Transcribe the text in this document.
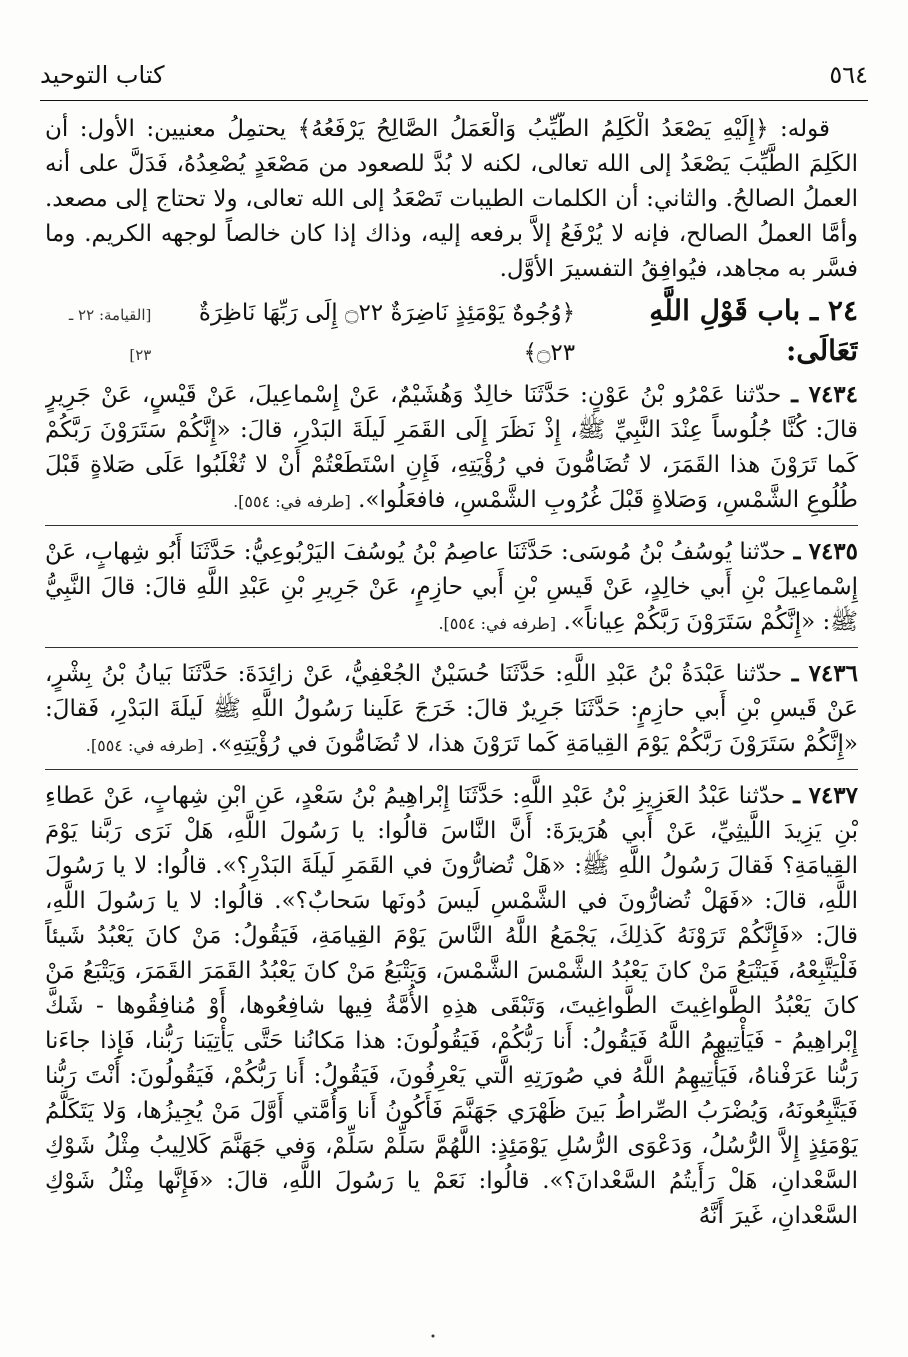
٥٦٤
كتاب التوحيد

قوله: ﴿إِلَيْهِ يَصْعَدُ الْكَلِمُ الطَّيِّبُ وَالْعَمَلُ الصَّالِحُ يَرْفَعُهُ﴾ يحتمِلُ معنيين: الأول: أن الكَلِمَ الطَّيِّبَ يَصْعَدُ إلى الله تعالى، لكنه لا بُدَّ للصعود من مَصْعَدٍ يُصْعِدُهُ، فَدَلَّ على أنه العملُ الصالحُ. والثاني: أن الكلمات الطيبات تَصْعَدُ إلى الله تعالى، ولا تحتاج إلى مصعد. وأمَّا العملُ الصالح، فإنه لا يُرْفَعُ إلاَّ برفعه إليه، وذاك إذا كان خالصاً لوجهه الكريم. وما فسَّر به مجاهد، فيُوافِقُ التفسيرَ الأوَّل.

٢٤ ـ باب قَوْلِ اللَّهِ تَعَالَى:
﴿وُجُوهٌ يَوْمَئِذٍ نَاضِرَةٌ ۝٢٢ إِلَى رَبِّهَا نَاظِرَةٌ ۝٢٣﴾
[القيامة: ٢٢ ـ ٢٣]

٧٤٣٤ ـ حدّثنا عَمْرُو بْنُ عَوْنٍ: حَدَّثَنَا خالِدٌ وَهُشَيْمٌ، عَنْ إِسْماعِيلَ، عَنْ قَيْسٍ، عَنْ جَرِيرٍ قالَ: كُنَّا جُلُوساً عِنْدَ النَّبِيِّ ﷺ، إِذْ نَظَرَ إِلَى القَمَرِ لَيلَةَ البَدْرِ، قالَ: «إِنَّكُمْ سَتَرَوْنَ رَبَّكُمْ كَما تَرَوْنَ هذا القَمَرَ، لا تُضَامُّونَ في رُؤْيَتِهِ، فَإِنِ اسْتَطَعْتُمْ أَنْ لا تُغْلَبُوا عَلَى صَلاةٍ قَبْلَ طُلُوعِ الشَّمْسِ، وَصَلاةٍ قَبْلَ غُرُوبِ الشَّمْسِ، فافعَلُوا». [طرفه في: ٥٥٤].

٧٤٣٥ ـ حدّثنا يُوسُفُ بْنُ مُوسَى: حَدَّثَنَا عاصِمُ بْنُ يُوسُفَ اليَرْبُوعِيُّ: حَدَّثَنَا أَبُو شِهابٍ، عَنْ إِسْماعِيلَ بْنِ أَبي خالِدٍ، عَنْ قَيسِ بْنِ أَبي حازِمٍ، عَنْ جَرِيرِ بْنِ عَبْدِ اللَّهِ قالَ: قالَ النَّبِيُّ ﷺ: «إِنَّكُمْ سَتَرَوْنَ رَبَّكُمْ عِياناً». [طرفه في: ٥٥٤].

٧٤٣٦ ـ حدّثنا عَبْدَةُ بْنُ عَبْدِ اللَّهِ: حَدَّثَنَا حُسَيْنٌ الجُعْفِيُّ، عَنْ زائِدَةَ: حَدَّثَنَا بَيانُ بْنُ بِشْرٍ، عَنْ قَيسِ بْنِ أَبي حازِمٍ: حَدَّثَنَا جَرِيرٌ قالَ: خَرَجَ عَلَينا رَسُولُ اللَّهِ ﷺ لَيلَةَ البَدْرِ، فَقالَ: «إِنَّكُمْ سَتَرَوْنَ رَبَّكُمْ يَوْمَ القِيامَةِ كَما تَرَوْنَ هذا، لا تُضَامُّونَ في رُؤْيَتِهِ». [طرفه في: ٥٥٤].

٧٤٣٧ ـ حدّثنا عَبْدُ العَزِيزِ بْنُ عَبْدِ اللَّهِ: حَدَّثَنَا إِبْراهِيمُ بْنُ سَعْدٍ، عَنِ ابْنِ شِهابٍ، عَنْ عَطاءِ بْنِ يَزِيدَ اللَّيثِيِّ، عَنْ أَبي هُرَيرَةَ: أَنَّ النَّاسَ قالُوا: يا رَسُولَ اللَّهِ، هَلْ نَرَى رَبَّنا يَوْمَ القِيامَةِ؟ فَقالَ رَسُولُ اللَّهِ ﷺ: «هَلْ تُضارُّونَ في القَمَرِ لَيلَةَ البَدْرِ؟». قالُوا: لا يا رَسُولَ اللَّهِ، قالَ: «فَهَلْ تُضارُّونَ في الشَّمْسِ لَيسَ دُونَها سَحابٌ؟». قالُوا: لا يا رَسُولَ اللَّهِ، قالَ: «فَإِنَّكُمْ تَرَوْنَهُ كَذلِكَ، يَجْمَعُ اللَّهُ النَّاسَ يَوْمَ القِيامَةِ، فَيَقُولُ: مَنْ كانَ يَعْبُدُ شَيئاً فَلْيَتَّبِعْهُ، فَيَتْبَعُ مَنْ كانَ يَعْبُدُ الشَّمْسَ الشَّمْسَ، وَيَتْبَعُ مَنْ كانَ يَعْبُدُ القَمَرَ القَمَرَ، وَيَتْبَعُ مَنْ كانَ يَعْبُدُ الطَّواغِيتَ الطَّواغِيتَ، وَتَبْقَى هذِهِ الأُمَّةُ فِيها شافِعُوها، أَوْ مُنافِقُوها - شَكَّ إِبْراهِيمُ - فَيَأْتِيهِمُ اللَّهُ فَيَقُولُ: أَنا رَبُّكُمْ، فَيَقُولُونَ: هذا مَكانُنا حَتَّى يَأْتِيَنا رَبُّنا، فَإِذا جاءَنا رَبُّنا عَرَفْناهُ، فَيَأْتِيهِمُ اللَّهُ في صُورَتِهِ الَّتي يَعْرِفُونَ، فَيَقُولُ: أَنا رَبُّكُمْ، فَيَقُولُونَ: أَنْتَ رَبُّنا فَيَتَّبِعُونَهُ، وَيُضْرَبُ الصِّراطُ بَينَ ظَهْرَي جَهَنَّمَ فَأَكُونُ أَنا وَأُمَّتي أَوَّلَ مَنْ يُجِيزُها، وَلا يَتَكَلَّمُ يَوْمَئِذٍ إِلاَّ الرُّسُلُ، وَدَعْوَى الرُّسُلِ يَوْمَئِذٍ: اللَّهُمَّ سَلِّمْ سَلِّمْ، وَفي جَهَنَّمَ كَلالِيبُ مِثْلُ شَوْكِ السَّعْدانِ، هَلْ رَأَيتُمُ السَّعْدانَ؟». قالُوا: نَعَمْ يا رَسُولَ اللَّهِ، قالَ: «فَإِنَّها مِثْلُ شَوْكِ السَّعْدانِ، غَيرَ أَنَّهُ
